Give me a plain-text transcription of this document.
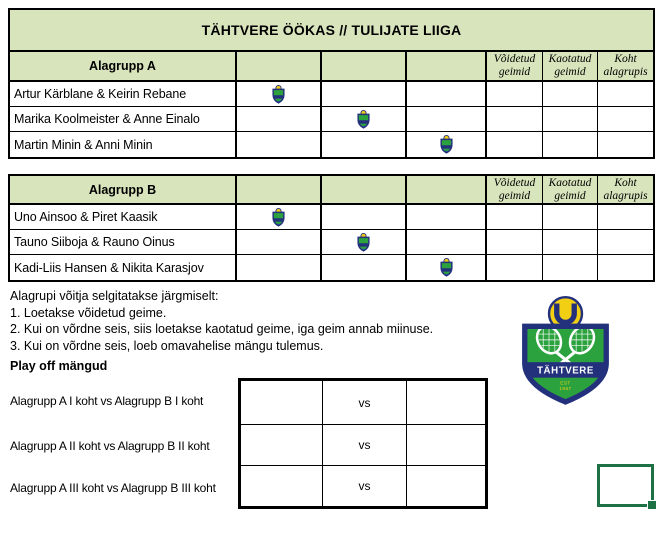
TÄHTVERE ÖÖKAS // TULIJATE LIIGA
Alagrupp A	Võidetud geimid
Kaotatud geimid
Koht alagrupis
Artur Kärblane & Keirin Rebane
Marika Koolmeister & Anne Einalo
Martin Minin & Anni Minin
Alagrupp B	Võidetud geimid
Kaotatud geimid
Koht alagrupis
Uno Ainsoo & Piret Kaasik
Tauno Siiboja & Rauno Oinus
Kadi-Liis Hansen & Nikita Karasjov
Alagrupi võitja selgitatakse järgmiselt:
1. Loetakse võidetud geime.
2. Kui on võrdne seis, siis loetakse kaotatud geime, iga geim annab miinuse.
3. Kui on võrdne seis, loeb omavahelise mängu tulemus.
Play off mängud
Alagrupp A I koht vs Alagrupp B I koht
Alagrupp A II koht vs Alagrupp B II koht
Alagrupp A III koht vs Alagrupp B III koht
vs
vs
vs
TÄHTVERE
EST
1967
